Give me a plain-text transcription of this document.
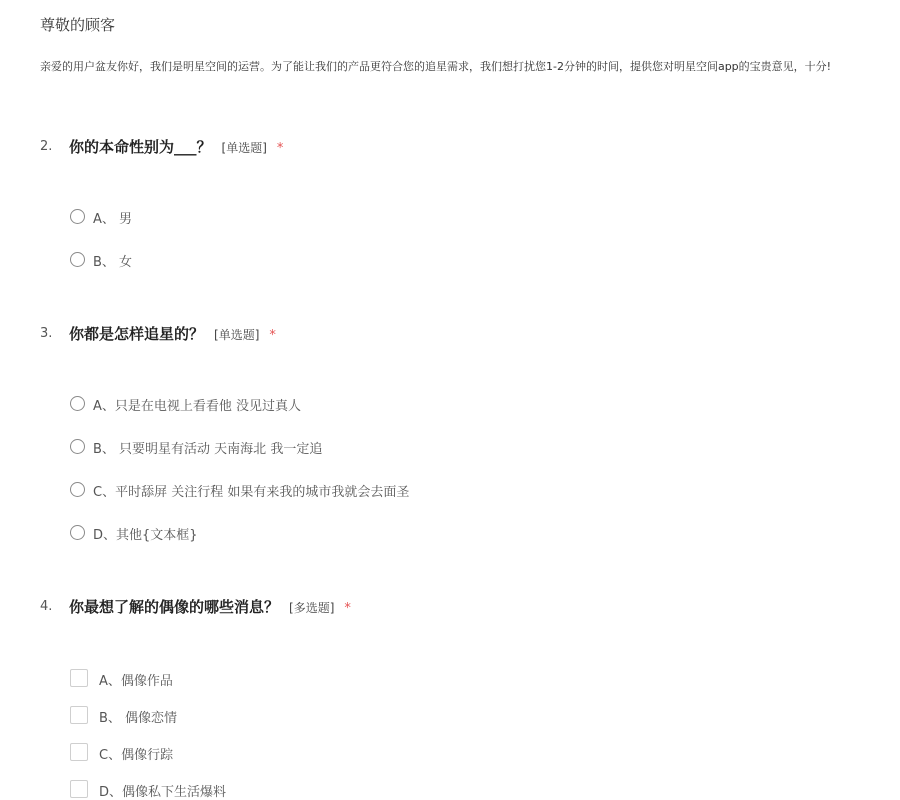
尊敬的顾客
亲爱的用户盆友你好，我们是明星空间的运营。为了能让我们的产品更符合您的追星需求，我们想打扰您1-2分钟的时间，提供您对明星空间app的宝贵意见，十分!
2. 你的本命性别为___？ [单选题] *
A、 男
B、 女
3. 你都是怎样追星的？ [单选题] *
A、只是在电视上看看他 没见过真人
B、 只要明星有活动 天南海北 我一定追
C、平时舔屏 关注行程 如果有来我的城市我就会去面圣
D、其他{文本框}
4. 你最想了解的偶像的哪些消息？ [多选题] *
A、偶像作品
B、 偶像恋情
C、偶像行踪
D、偶像私下生活爆料
